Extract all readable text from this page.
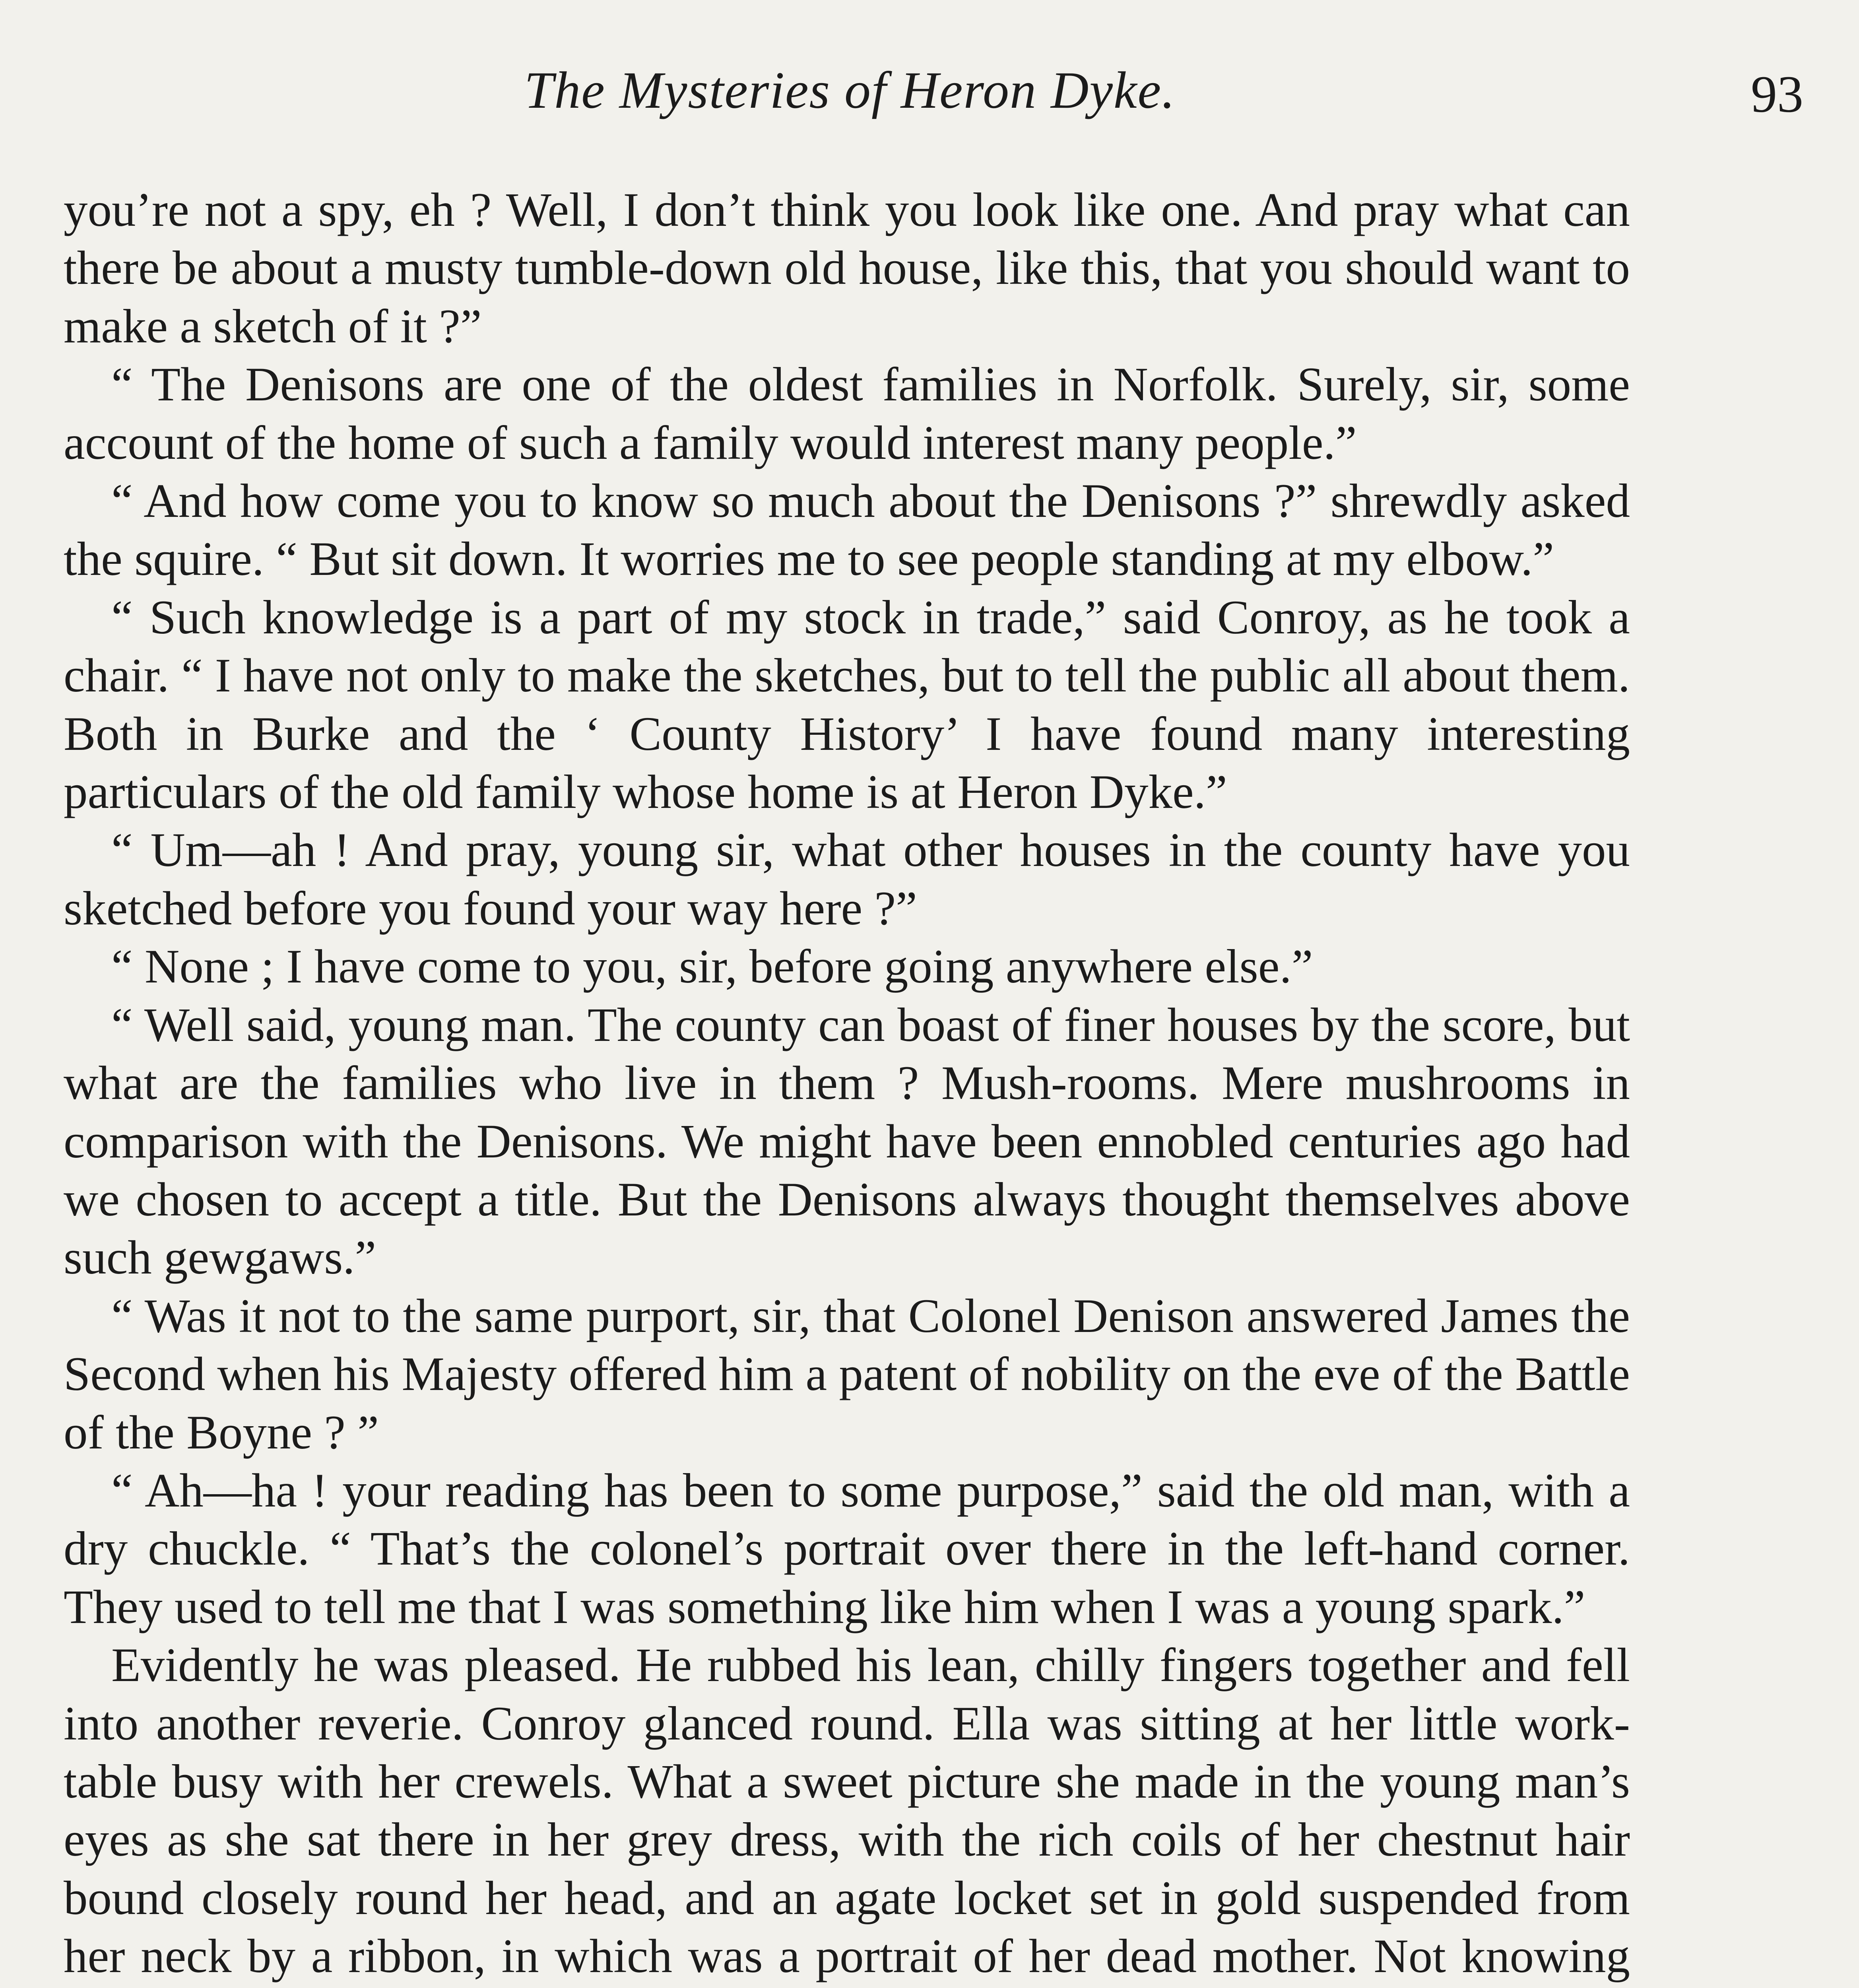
The Mysteries of Heron Dyke.	93

you’re not a spy, eh ? Well, I don’t think you look like one. And pray what can there be about a musty tumble-down old house, like this, that you should want to make a sketch of it ?”

“ The Denisons are one of the oldest families in Norfolk. Surely, sir, some account of the home of such a family would interest many people.”

“ And how come you to know so much about the Denisons ?” shrewdly asked the squire. “ But sit down. It worries me to see people standing at my elbow.”

“ Such knowledge is a part of my stock in trade,” said Conroy, as he took a chair. “ I have not only to make the sketches, but to tell the public all about them. Both in Burke and the ‘ County History’ I have found many interesting particulars of the old family whose home is at Heron Dyke.”

“ Um—ah ! And pray, young sir, what other houses in the county have you sketched before you found your way here ?”

“ None ; I have come to you, sir, before going anywhere else.”

“ Well said, young man. The county can boast of finer houses by the score, but what are the families who live in them ? Mush-rooms. Mere mushrooms in comparison with the Denisons. We might have been ennobled centuries ago had we chosen to accept a title. But the Denisons always thought themselves above such gewgaws.”

“ Was it not to the same purport, sir, that Colonel Denison answered James the Second when his Majesty offered him a patent of nobility on the eve of the Battle of the Boyne ? ”

“ Ah—ha ! your reading has been to some purpose,” said the old man, with a dry chuckle. “ That’s the colonel’s portrait over there in the left-hand corner. They used to tell me that I was something like him when I was a young spark.”

Evidently he was pleased. He rubbed his lean, chilly fingers together and fell into another reverie. Conroy glanced round. Ella was sitting at her little work-table busy with her crewels. What a sweet picture she made in the young man’s eyes as she sat there in her grey dress, with the rich coils of her chestnut hair bound closely round her head, and an agate locket set in gold suspended from her neck by a ribbon, in which was a portrait of her dead mother. Not knowing
